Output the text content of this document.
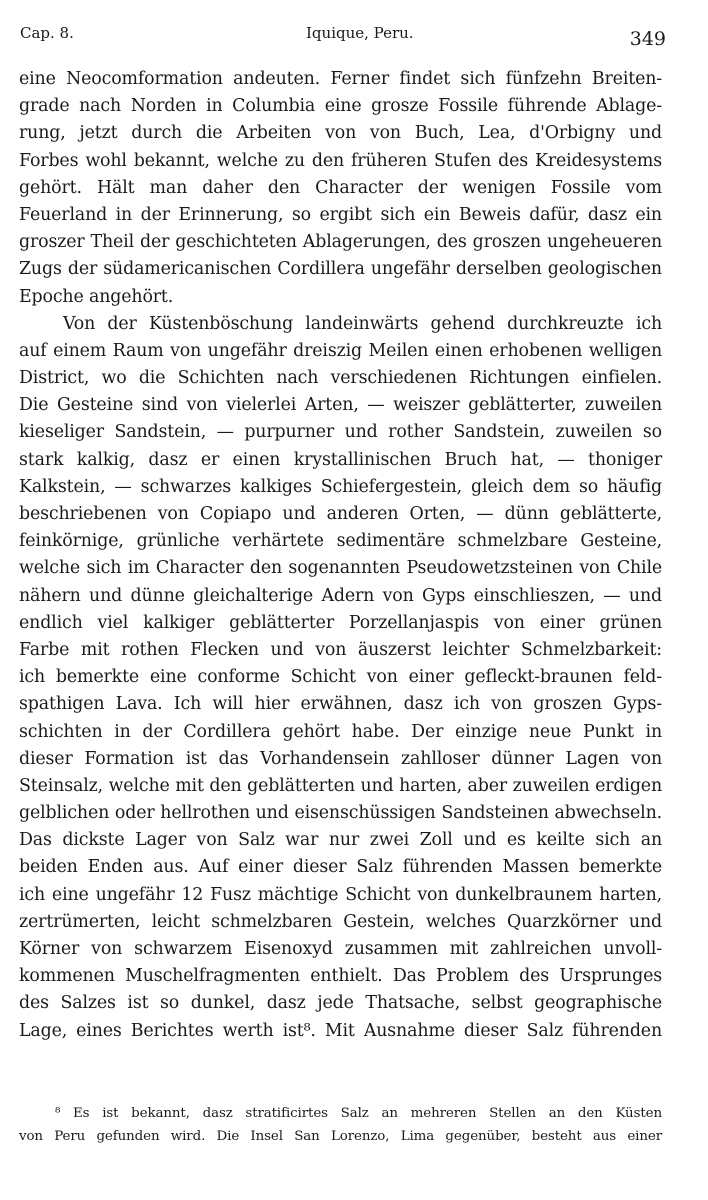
Cap. 8.	Iquique, Peru.	349
eine Neocomformation andeuten. Ferner findet sich fünfzehn Breiten-
grade nach Norden in Columbia eine grosze Fossile führende Ablage-
rung, jetzt durch die Arbeiten von von Buch, Lea, d'Orbigny und
Forbes wohl bekannt, welche zu den früheren Stufen des Kreidesystems
gehört. Hält man daher den Character der wenigen Fossile vom
Feuerland in der Erinnerung, so ergibt sich ein Beweis dafür, dasz ein
groszer Theil der geschichteten Ablagerungen, des groszen ungeheueren
Zugs der südamericanischen Cordillera ungefähr derselben geologischen
Epoche angehört.
Von der Küstenböschung landeinwärts gehend durchkreuzte ich
auf einem Raum von ungefähr dreiszig Meilen einen erhobenen welligen
District, wo die Schichten nach verschiedenen Richtungen einfielen.
Die Gesteine sind von vielerlei Arten, — weiszer geblätterter, zuweilen
kieseliger Sandstein, — purpurner und rother Sandstein, zuweilen so
stark kalkig, dasz er einen krystallinischen Bruch hat, — thoniger
Kalkstein, — schwarzes kalkiges Schiefergestein, gleich dem so häufig
beschriebenen von Copiapo und anderen Orten, — dünn geblätterte,
feinkörnige, grünliche verhärtete sedimentäre schmelzbare Gesteine,
welche sich im Character den sogenannten Pseudowetzsteinen von Chile
nähern und dünne gleichalterige Adern von Gyps einschlieszen, — und
endlich viel kalkiger geblätterter Porzellanjaspis von einer grünen
Farbe mit rothen Flecken und von äuszerst leichter Schmelzbarkeit:
ich bemerkte eine conforme Schicht von einer gefleckt-braunen feld-
spathigen Lava. Ich will hier erwähnen, dasz ich von groszen Gyps-
schichten in der Cordillera gehört habe. Der einzige neue Punkt in
dieser Formation ist das Vorhandensein zahlloser dünner Lagen von
Steinsalz, welche mit den geblätterten und harten, aber zuweilen erdigen
gelblichen oder hellrothen und eisenschüssigen Sandsteinen abwechseln.
Das dickste Lager von Salz war nur zwei Zoll und es keilte sich an
beiden Enden aus. Auf einer dieser Salz führenden Massen bemerkte
ich eine ungefähr 12 Fusz mächtige Schicht von dunkelbraunem harten,
zertrümerten, leicht schmelzbaren Gestein, welches Quarzkörner und
Körner von schwarzem Eisenoxyd zusammen mit zahlreichen unvoll-
kommenen Muschelfragmenten enthielt. Das Problem des Ursprunges
des Salzes ist so dunkel, dasz jede Thatsache, selbst geographische
Lage, eines Berichtes werth ist⁸. Mit Ausnahme dieser Salz führenden
⁸ Es ist bekannt, dasz stratificirtes Salz an mehreren Stellen an den Küsten
von Peru gefunden wird. Die Insel San Lorenzo, Lima gegenüber, besteht aus einer
